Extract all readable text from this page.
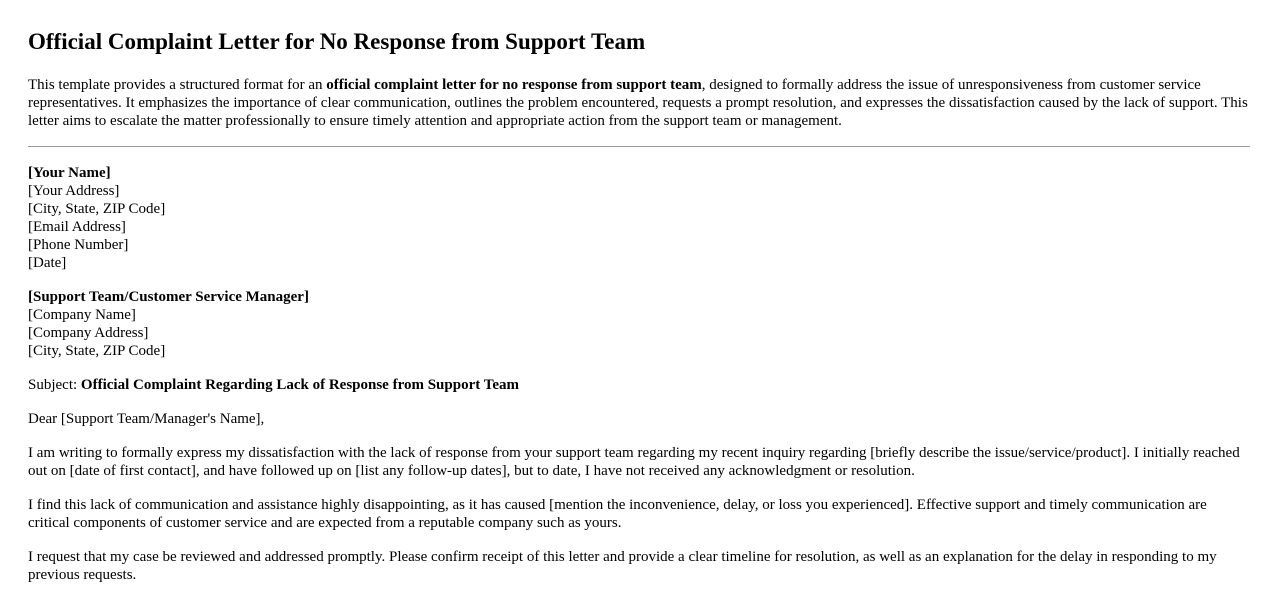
Official Complaint Letter for No Response from Support Team

This template provides a structured format for an official complaint letter for no response from support team, designed to formally address the issue of unresponsiveness from customer service representatives. It emphasizes the importance of clear communication, outlines the problem encountered, requests a prompt resolution, and expresses the dissatisfaction caused by the lack of support. This letter aims to escalate the matter professionally to ensure timely attention and appropriate action from the support team or management.

[Your Name]
[Your Address]
[City, State, ZIP Code]
[Email Address]
[Phone Number]
[Date]
[Support Team/Customer Service Manager]
[Company Name]
[Company Address]
[City, State, ZIP Code]

Subject: Official Complaint Regarding Lack of Response from Support Team

Dear [Support Team/Manager's Name],

I am writing to formally express my dissatisfaction with the lack of response from your support team regarding my recent inquiry regarding [briefly describe the issue/service/product]. I initially reached out on [date of first contact], and have followed up on [list any follow-up dates], but to date, I have not received any acknowledgment or resolution.

I find this lack of communication and assistance highly disappointing, as it has caused [mention the inconvenience, delay, or loss you experienced]. Effective support and timely communication are critical components of customer service and are expected from a reputable company such as yours.

I request that my case be reviewed and addressed promptly. Please confirm receipt of this letter and provide a clear timeline for resolution, as well as an explanation for the delay in responding to my previous requests.
